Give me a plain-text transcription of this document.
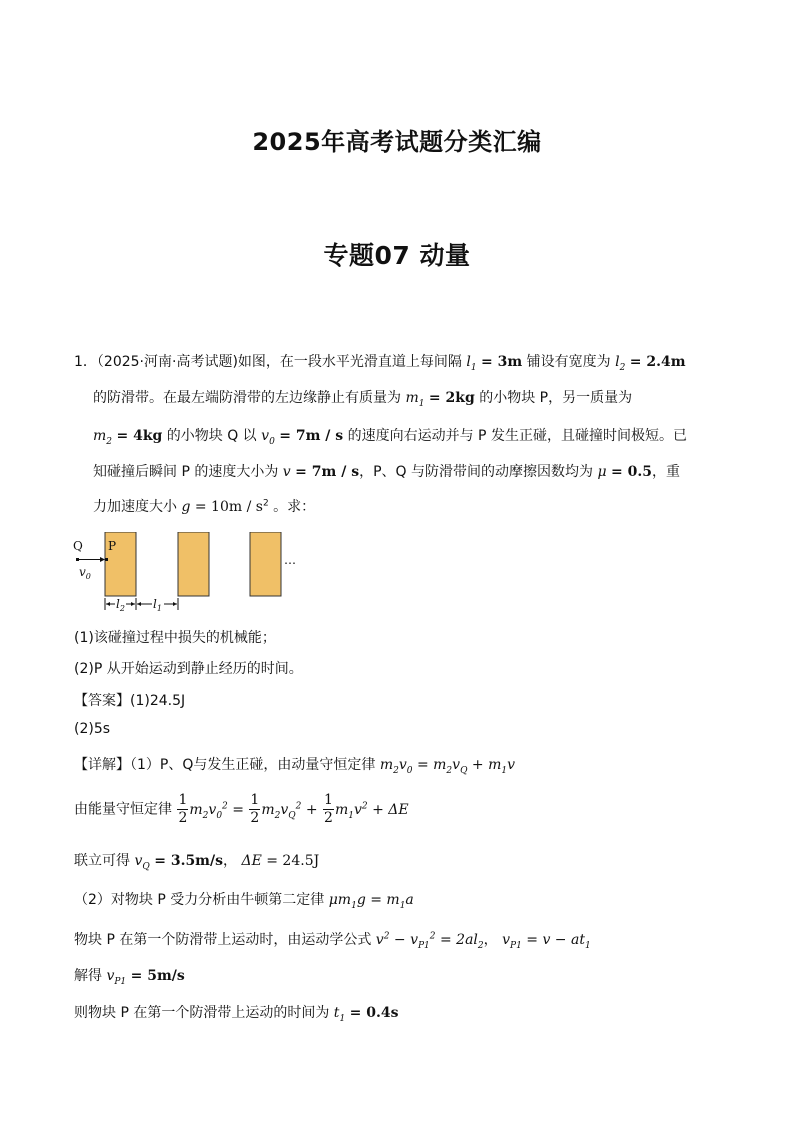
2025年高考试题分类汇编
专题07 动量
1．（2025·河南·高考试题)如图，在一段水平光滑直道上每间隔 $l_1 = 3m$ 铺设有宽度为 $l_2 = 2.4m$
的防滑带。在最左端防滑带的左边缘静止有质量为 $m_1 = 2kg$ 的小物块 P，另一质量为
$m_2 = 4kg$ 的小物块 Q 以 $v_0 = 7m / s$ 的速度向右运动并与 P 发生正碰，且碰撞时间极短。已
知碰撞后瞬间 P 的速度大小为 v = 7m / s，P、Q 与防滑带间的动摩擦因数均为 μ = 0.5，重
力加速度大小 $g = 10m / s^2$ 。求：
…
Q P
$v_0$
$l_2$ $l_1$
(1)该碰撞过程中损失的机械能；
(2)P 从开始运动到静止经历的时间。
【答案】(1)24.5J
(2)5s
【详解】（1）P、Q与发生正碰，由动量守恒定律 $m_2v_0 = m_2v_Q + m_1v$
由能量守恒定律 $\frac{1}{2} m_2v_0^2 = \frac{1}{2} m_2v_Q^2 + \frac{1}{2} m_1v^2 + \Delta E$
联立可得 $v_Q = 3.5m/s$， ΔE = 24.5J
（2）对物块 P 受力分析由牛顿第二定律 $\mu m_1g = m_1a$
物块 P 在第一个防滑带上运动时，由运动学公式 $v^2 - v_{P1}^2 = 2al_2$， $v_{P1} = v - at_1$
解得 $v_{P1} = 5m/s$
则物块 P 在第一个防滑带上运动的时间为 $t_1 = 0.4s$
